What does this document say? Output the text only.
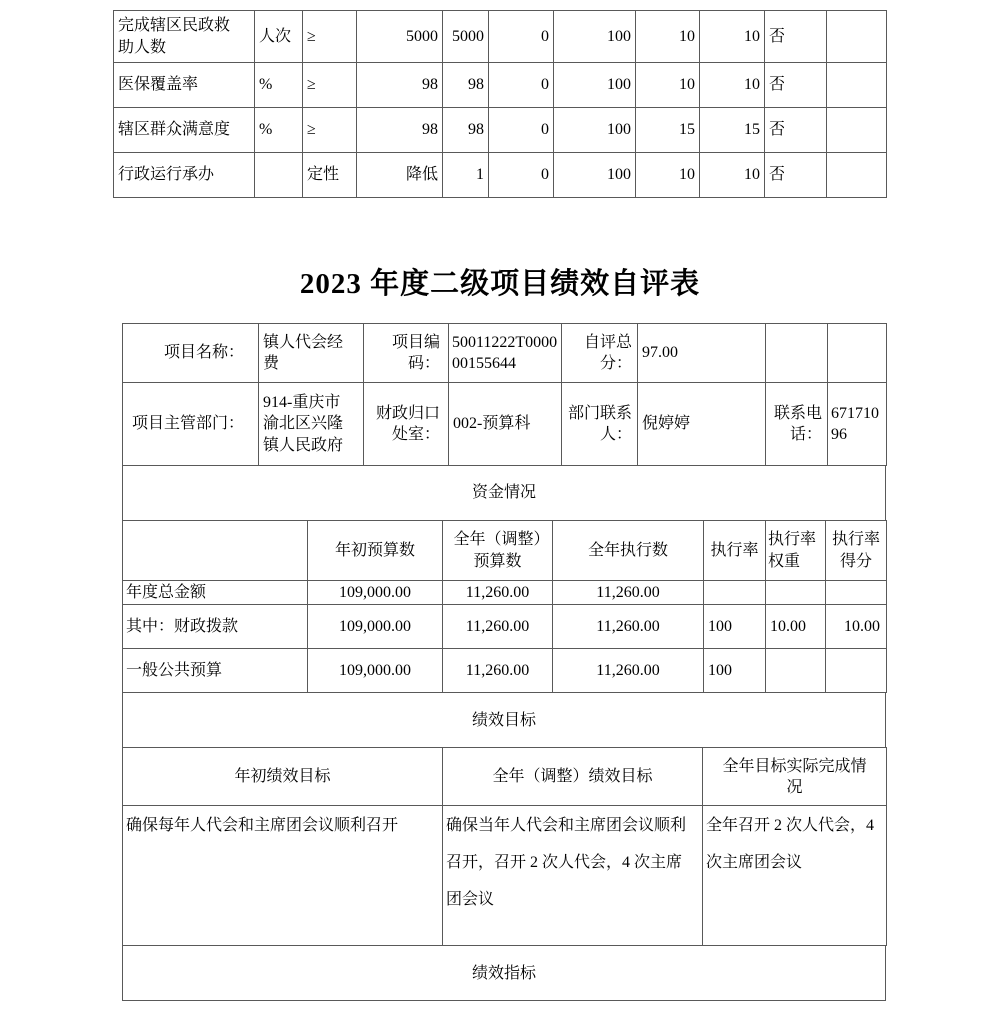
完成辖区民政救助人数	人次	≥	5000	5000	0	100	10	10	否	
医保覆盖率	%	≥	98	98	0	100	10	10	否	
辖区群众满意度	%	≥	98	98	0	100	15	15	否	
行政运行承办		定性	降低	1	0	100	10	10	否	
2023 年度二级项目绩效自评表
项目名称：	镇人代会经费	项目编码：	50011222T000000155644	自评总分：	97.00		
项目主管部门：	914-重庆市渝北区兴隆镇人民政府	财政归口处室：	002-预算科	部门联系人：	倪婷婷	联系电话：	67171096
资金情况
	年初预算数	全年（调整）预算数	全年执行数	执行率	执行率权重	执行率得分
年度总金额	109,000.00	11,260.00	11,260.00			
其中：财政拨款	109,000.00	11,260.00	11,260.00	100	10.00	10.00
一般公共预算	109,000.00	11,260.00	11,260.00	100		
绩效目标
年初绩效目标	全年（调整）绩效目标	全年目标实际完成情况
确保每年人代会和主席团会议顺利召开	确保当年人代会和主席团会议顺利召开，召开 2 次人代会，4 次主席团会议	全年召开 2 次人代会，4 次主席团会议
绩效指标
